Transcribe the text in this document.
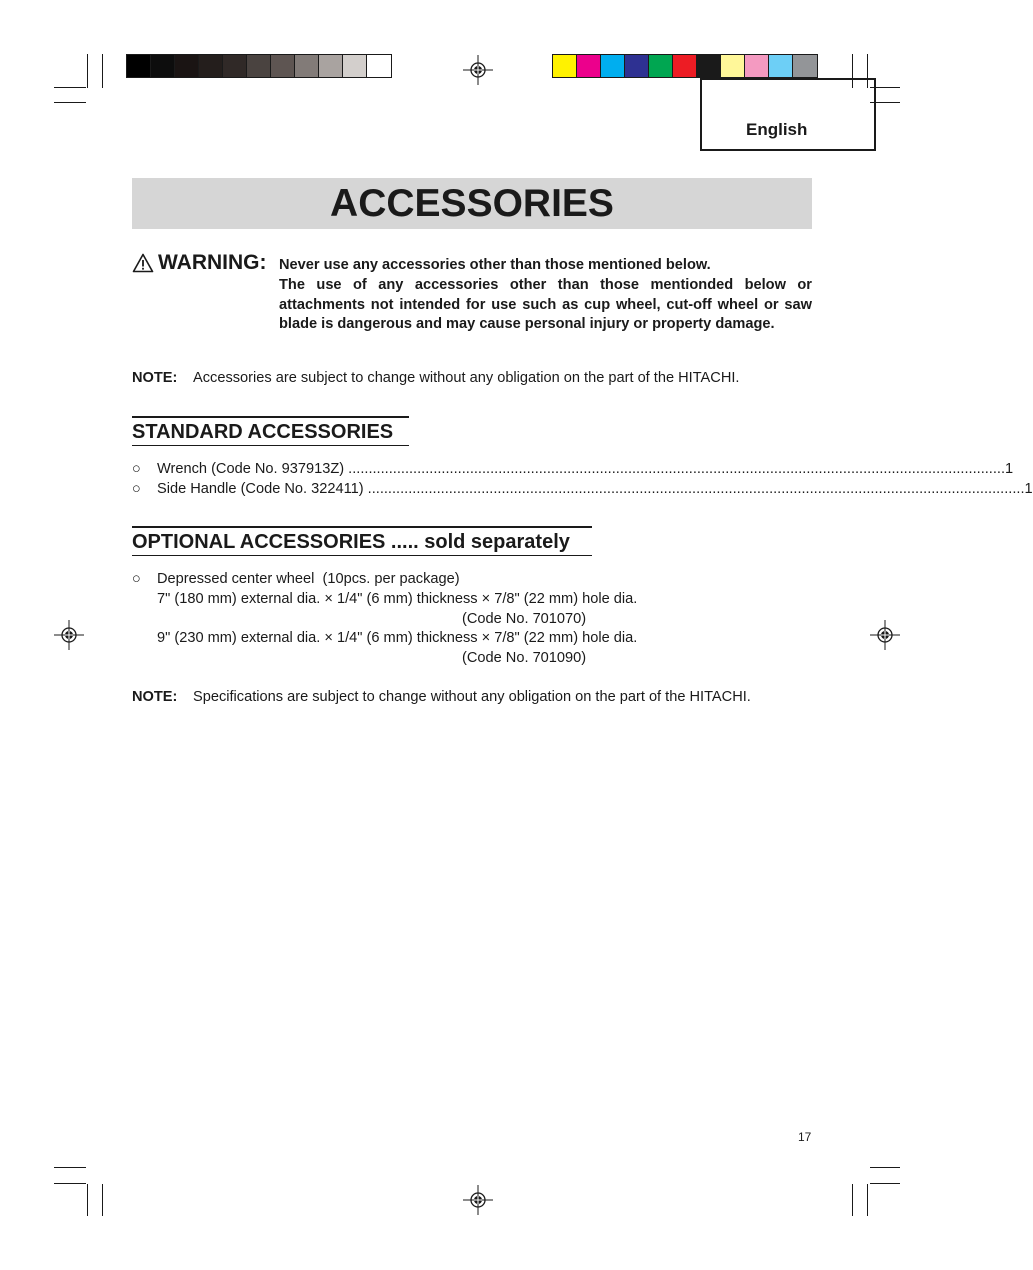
English
ACCESSORIES
WARNING: Never use any accessories other than those mentioned below.

The use of any accessories other than those mentionded below or attachments not intended for use such as cup wheel, cut-off wheel or saw blade is dangerous and may cause personal injury or property damage.

NOTE: Accessories are subject to change without any obligation on the part of the HITACHI.
STANDARD ACCESSORIES
○ Wrench (Code No. 937913Z) .................................................................................................................................................................. 1
○ Side Handle (Code No. 322411) .................................................................................................................................................................. 1
OPTIONAL ACCESSORIES ..... sold separately
○ Depressed center wheel  (10pcs. per package)
7" (180 mm) external dia. × 1/4" (6 mm) thickness × 7/8" (22 mm) hole dia.
(Code No. 701070)
9" (230 mm) external dia. × 1/4" (6 mm) thickness × 7/8" (22 mm) hole dia.
(Code No. 701090)
NOTE: Specifications are subject to change without any obligation on the part of the HITACHI.
17
